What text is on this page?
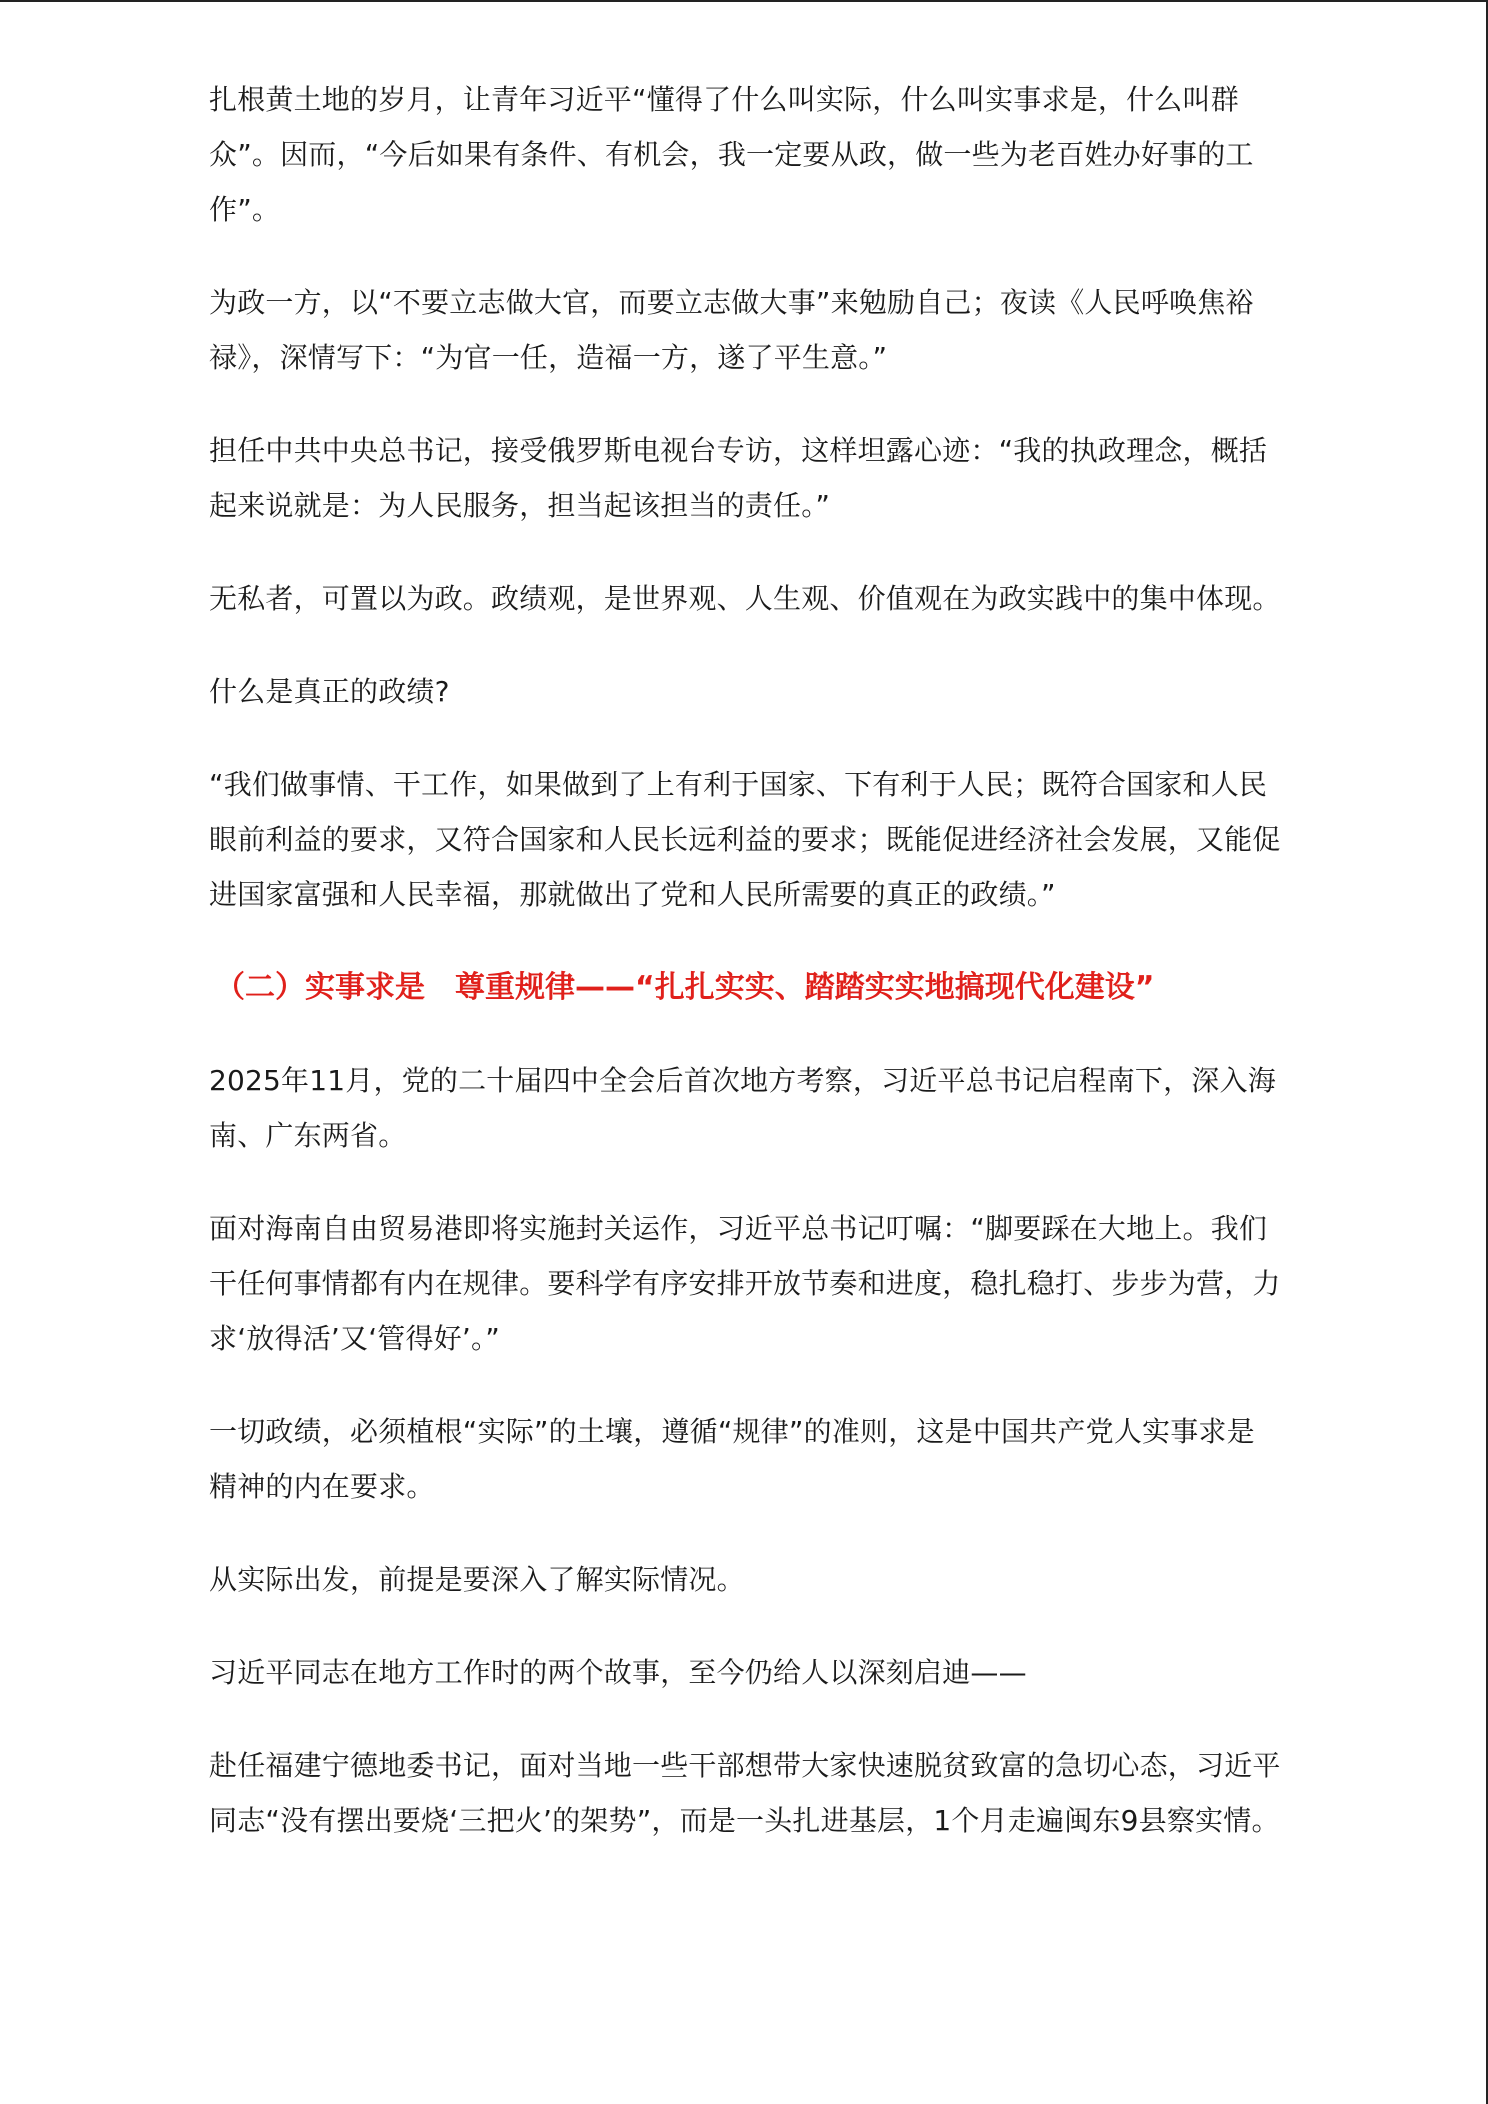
扎根黄土地的岁月，让青年习近平“懂得了什么叫实际，什么叫实事求是，什么叫群众”。因而，“今后如果有条件、有机会，我一定要从政，做一些为老百姓办好事的工作”。

为政一方，以“不要立志做大官，而要立志做大事”来勉励自己；夜读《人民呼唤焦裕禄》，深情写下：“为官一任，造福一方，遂了平生意。”

担任中共中央总书记，接受俄罗斯电视台专访，这样坦露心迹：“我的执政理念，概括起来说就是：为人民服务，担当起该担当的责任。”

无私者，可置以为政。政绩观，是世界观、人生观、价值观在为政实践中的集中体现。

什么是真正的政绩?

“我们做事情、干工作，如果做到了上有利于国家、下有利于人民；既符合国家和人民眼前利益的要求，又符合国家和人民长远利益的要求；既能促进经济社会发展，又能促进国家富强和人民幸福，那就做出了党和人民所需要的真正的政绩。”

（二）实事求是　尊重规律——“扎扎实实、踏踏实实地搞现代化建设”

2025年11月，党的二十届四中全会后首次地方考察，习近平总书记启程南下，深入海南、广东两省。

面对海南自由贸易港即将实施封关运作，习近平总书记叮嘱：“脚要踩在大地上。我们干任何事情都有内在规律。要科学有序安排开放节奏和进度，稳扎稳打、步步为营，力求‘放得活’又‘管得好’。”

一切政绩，必须植根“实际”的土壤，遵循“规律”的准则，这是中国共产党人实事求是精神的内在要求。

从实际出发，前提是要深入了解实际情况。

习近平同志在地方工作时的两个故事，至今仍给人以深刻启迪——

赴任福建宁德地委书记，面对当地一些干部想带大家快速脱贫致富的急切心态，习近平同志“没有摆出要烧‘三把火’的架势”，而是一头扎进基层，1个月走遍闽东9县察实情。
